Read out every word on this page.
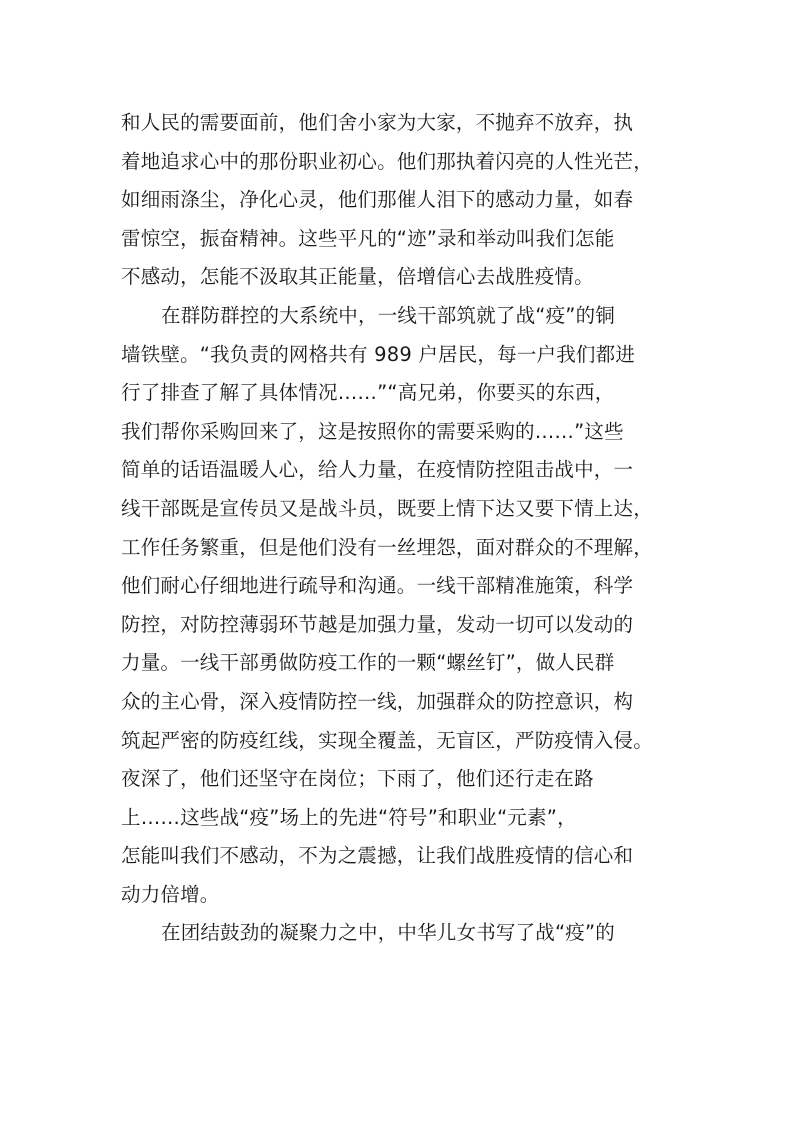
和人民的需要面前，他们舍小家为大家，不抛弃不放弃，执
着地追求心中的那份职业初心。他们那执着闪亮的人性光芒，
如细雨涤尘，净化心灵，他们那催人泪下的感动力量，如春
雷惊空，振奋精神。这些平凡的“迹”录和举动叫我们怎能
不感动，怎能不汲取其正能量，倍增信心去战胜疫情。
在群防群控的大系统中，一线干部筑就了战“疫”的铜
墙铁壁。“我负责的网格共有 989 户居民，每一户我们都进
行了排查了解了具体情况……”“高兄弟，你要买的东西，
我们帮你采购回来了，这是按照你的需要采购的……”这些
简单的话语温暖人心，给人力量，在疫情防控阻击战中，一
线干部既是宣传员又是战斗员，既要上情下达又要下情上达，
工作任务繁重，但是他们没有一丝埋怨，面对群众的不理解，
他们耐心仔细地进行疏导和沟通。一线干部精准施策，科学
防控，对防控薄弱环节越是加强力量，发动一切可以发动的
力量。一线干部勇做防疫工作的一颗“螺丝钉”，做人民群
众的主心骨，深入疫情防控一线，加强群众的防控意识，构
筑起严密的防疫红线，实现全覆盖，无盲区，严防疫情入侵。
夜深了，他们还坚守在岗位；下雨了，他们还行走在路
上……这些战“疫”场上的先进“符号”和职业“元素”，
怎能叫我们不感动，不为之震撼，让我们战胜疫情的信心和
动力倍增。
在团结鼓劲的凝聚力之中，中华儿女书写了战“疫”的
